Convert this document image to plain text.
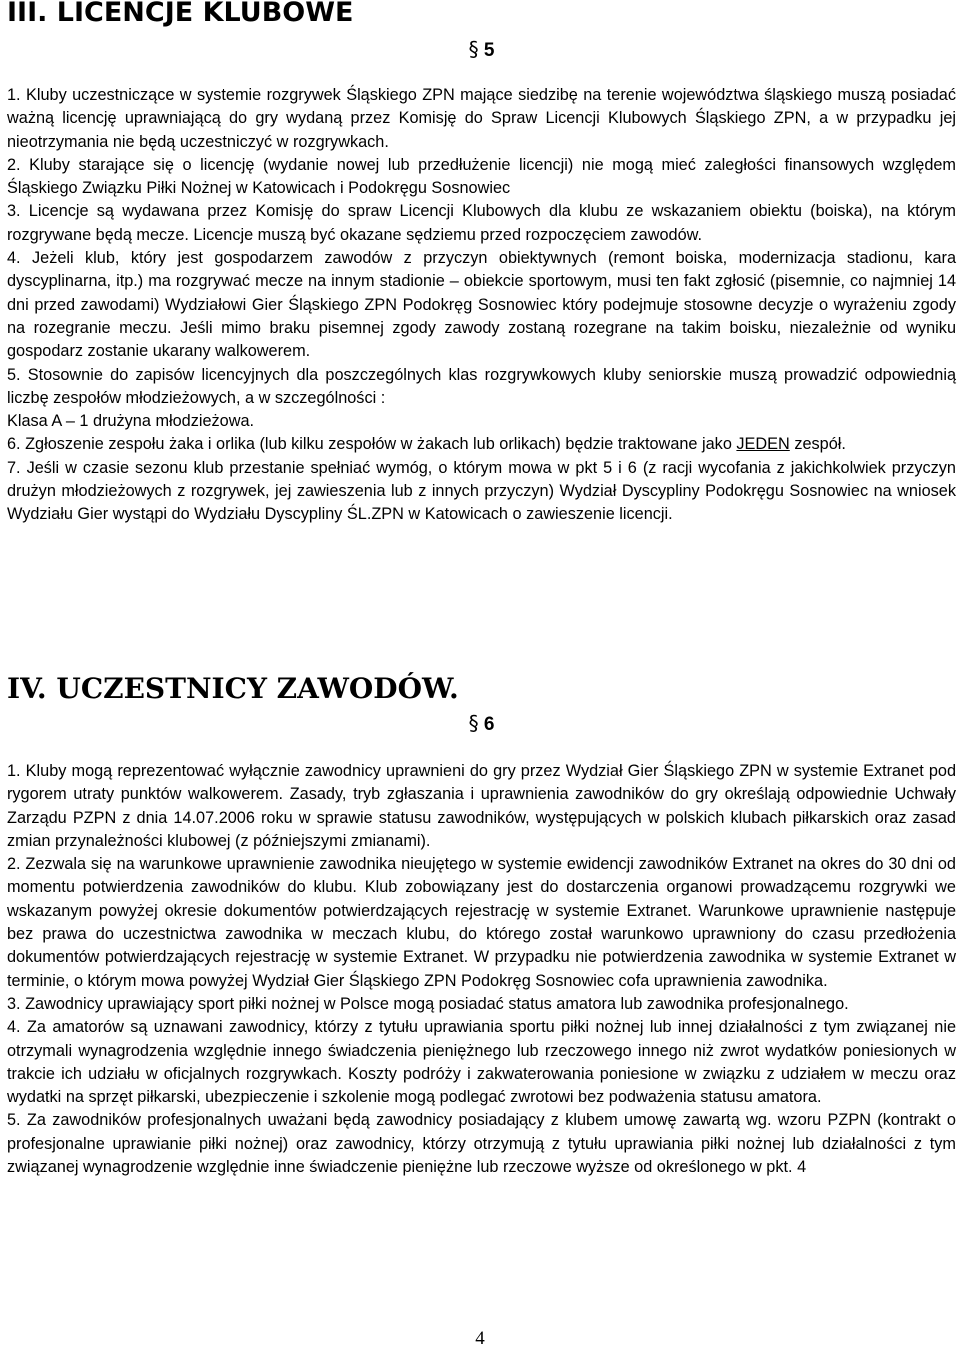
III. LICENCJE KLUBOWE
§ 5

1. Kluby uczestniczące w systemie rozgrywek Śląskiego ZPN mające siedzibę na terenie województwa śląskiego muszą posiadać ważną licencję uprawniającą do gry wydaną przez Komisję do Spraw Licencji Klubowych Śląskiego ZPN, a w przypadku jej nieotrzymania nie będą uczestniczyć w rozgrywkach.

2. Kluby starające się o licencję (wydanie nowej lub przedłużenie licencji) nie mogą mieć zaległości finansowych względem Śląskiego Związku Piłki Nożnej w Katowicach i Podokręgu Sosnowiec

3. Licencje są wydawana przez Komisję do spraw Licencji Klubowych dla klubu ze wskazaniem obiektu (boiska), na którym rozgrywane będą mecze. Licencje muszą być okazane sędziemu przed rozpoczęciem zawodów.

4. Jeżeli klub, który jest gospodarzem zawodów z przyczyn obiektywnych (remont boiska, modernizacja stadionu, kara dyscyplinarna, itp.) ma rozgrywać mecze na innym stadionie – obiekcie sportowym, musi ten fakt zgłosić (pisemnie, co najmniej 14 dni przed zawodami) Wydziałowi Gier Śląskiego ZPN Podokręg Sosnowiec który podejmuje stosowne decyzje o wyrażeniu zgody na rozegranie meczu. Jeśli mimo braku pisemnej zgody zawody zostaną rozegrane na takim boisku, niezależnie od wyniku gospodarz zostanie ukarany walkowerem.

5. Stosownie do zapisów licencyjnych dla poszczególnych klas rozgrywkowych kluby seniorskie muszą prowadzić odpowiednią liczbę zespołów młodzieżowych, a w szczególności :

Klasa A – 1 drużyna młodzieżowa.

6. Zgłoszenie zespołu żaka i orlika (lub kilku zespołów w żakach lub orlikach) będzie traktowane jako JEDEN zespół.

7. Jeśli w czasie sezonu klub przestanie spełniać wymóg, o którym mowa w pkt 5 i 6 (z racji wycofania z jakichkolwiek przyczyn drużyn młodzieżowych z rozgrywek, jej zawieszenia lub z innych przyczyn) Wydział Dyscypliny Podokręgu Sosnowiec na wniosek Wydziału Gier wystąpi do Wydziału Dyscypliny ŚL.ZPN w Katowicach o zawieszenie licencji.

IV. UCZESTNICY ZAWODÓW.
§ 6

1. Kluby mogą reprezentować wyłącznie zawodnicy uprawnieni do gry przez Wydział Gier Śląskiego ZPN w systemie Extranet pod rygorem utraty punktów walkowerem. Zasady, tryb zgłaszania i uprawnienia zawodników do gry określają odpowiednie Uchwały Zarządu PZPN z dnia 14.07.2006 roku w sprawie statusu zawodników, występujących w polskich klubach piłkarskich oraz zasad zmian przynależności klubowej (z późniejszymi zmianami).

2. Zezwala się na warunkowe uprawnienie zawodnika nieujętego w systemie ewidencji zawodników Extranet na okres do 30 dni od momentu potwierdzenia zawodników do klubu. Klub zobowiązany jest do dostarczenia organowi prowadzącemu rozgrywki we wskazanym powyżej okresie dokumentów potwierdzających rejestrację w systemie Extranet. Warunkowe uprawnienie następuje bez prawa do uczestnictwa zawodnika w meczach klubu, do którego został warunkowo uprawniony do czasu przedłożenia dokumentów potwierdzających rejestrację w systemie Extranet. W przypadku nie potwierdzenia zawodnika w systemie Extranet w terminie, o którym mowa powyżej Wydział Gier Śląskiego ZPN Podokręg Sosnowiec cofa uprawnienia zawodnika.

3. Zawodnicy uprawiający sport piłki nożnej w Polsce mogą posiadać status amatora lub zawodnika profesjonalnego.

4. Za amatorów są uznawani zawodnicy, którzy z tytułu uprawiania sportu piłki nożnej lub innej działalności z tym związanej nie otrzymali wynagrodzenia względnie innego świadczenia pieniężnego lub rzeczowego innego niż zwrot wydatków poniesionych w trakcie ich udziału w oficjalnych rozgrywkach. Koszty podróży i zakwaterowania poniesione w związku z udziałem w meczu oraz wydatki na sprzęt piłkarski, ubezpieczenie i szkolenie mogą podlegać zwrotowi bez podważenia statusu amatora.

5. Za zawodników profesjonalnych uważani będą zawodnicy posiadający z klubem umowę zawartą wg. wzoru PZPN (kontrakt o profesjonalne uprawianie piłki nożnej) oraz zawodnicy, którzy otrzymują z tytułu uprawiania piłki nożnej lub działalności z tym związanej wynagrodzenie względnie inne świadczenie pieniężne lub rzeczowe wyższe od określonego w pkt. 4

4
